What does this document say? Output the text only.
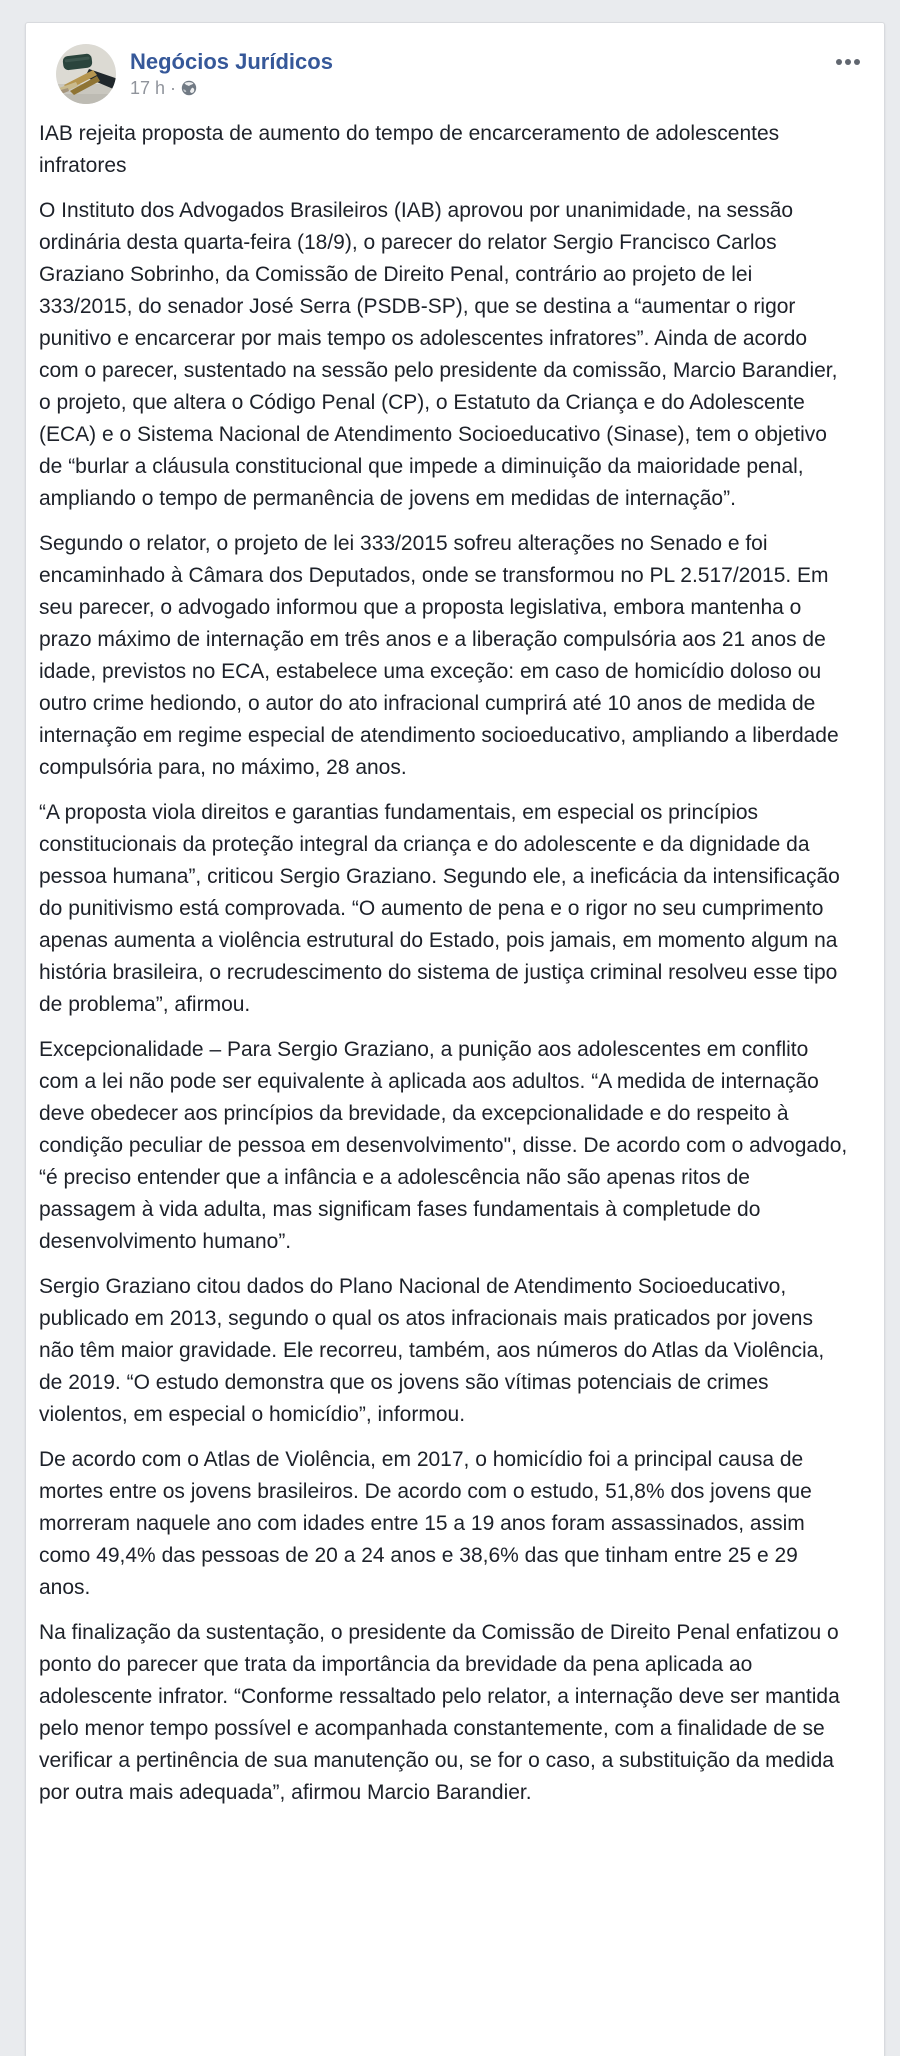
Negócios Jurídicos
17 h ·

IAB rejeita proposta de aumento do tempo de encarceramento de adolescentes infratores

O Instituto dos Advogados Brasileiros (IAB) aprovou por unanimidade, na sessão ordinária desta quarta-feira (18/9), o parecer do relator Sergio Francisco Carlos Graziano Sobrinho, da Comissão de Direito Penal, contrário ao projeto de lei 333/2015, do senador José Serra (PSDB-SP), que se destina a “aumentar o rigor punitivo e encarcerar por mais tempo os adolescentes infratores”. Ainda de acordo com o parecer, sustentado na sessão pelo presidente da comissão, Marcio Barandier, o projeto, que altera o Código Penal (CP), o Estatuto da Criança e do Adolescente (ECA) e o Sistema Nacional de Atendimento Socioeducativo (Sinase), tem o objetivo de “burlar a cláusula constitucional que impede a diminuição da maioridade penal, ampliando o tempo de permanência de jovens em medidas de internação”.

Segundo o relator, o projeto de lei 333/2015 sofreu alterações no Senado e foi encaminhado à Câmara dos Deputados, onde se transformou no PL 2.517/2015. Em seu parecer, o advogado informou que a proposta legislativa, embora mantenha o prazo máximo de internação em três anos e a liberação compulsória aos 21 anos de idade, previstos no ECA, estabelece uma exceção: em caso de homicídio doloso ou outro crime hediondo, o autor do ato infracional cumprirá até 10 anos de medida de internação em regime especial de atendimento socioeducativo, ampliando a liberdade compulsória para, no máximo, 28 anos.

“A proposta viola direitos e garantias fundamentais, em especial os princípios constitucionais da proteção integral da criança e do adolescente e da dignidade da pessoa humana”, criticou Sergio Graziano. Segundo ele, a ineficácia da intensificação do punitivismo está comprovada. “O aumento de pena e o rigor no seu cumprimento apenas aumenta a violência estrutural do Estado, pois jamais, em momento algum na história brasileira, o recrudescimento do sistema de justiça criminal resolveu esse tipo de problema”, afirmou.

Excepcionalidade – Para Sergio Graziano, a punição aos adolescentes em conflito com a lei não pode ser equivalente à aplicada aos adultos. “A medida de internação deve obedecer aos princípios da brevidade, da excepcionalidade e do respeito à condição peculiar de pessoa em desenvolvimento", disse. De acordo com o advogado, “é preciso entender que a infância e a adolescência não são apenas ritos de passagem à vida adulta, mas significam fases fundamentais à completude do desenvolvimento humano”.

Sergio Graziano citou dados do Plano Nacional de Atendimento Socioeducativo, publicado em 2013, segundo o qual os atos infracionais mais praticados por jovens não têm maior gravidade. Ele recorreu, também, aos números do Atlas da Violência, de 2019. “O estudo demonstra que os jovens são vítimas potenciais de crimes violentos, em especial o homicídio”, informou.

De acordo com o Atlas de Violência, em 2017, o homicídio foi a principal causa de mortes entre os jovens brasileiros. De acordo com o estudo, 51,8% dos jovens que morreram naquele ano com idades entre 15 a 19 anos foram assassinados, assim como 49,4% das pessoas de 20 a 24 anos e 38,6% das que tinham entre 25 e 29 anos.

Na finalização da sustentação, o presidente da Comissão de Direito Penal enfatizou o ponto do parecer que trata da importância da brevidade da pena aplicada ao adolescente infrator. “Conforme ressaltado pelo relator, a internação deve ser mantida pelo menor tempo possível e acompanhada constantemente, com a finalidade de se verificar a pertinência de sua manutenção ou, se for o caso, a substituição da medida por outra mais adequada”, afirmou Marcio Barandier.
